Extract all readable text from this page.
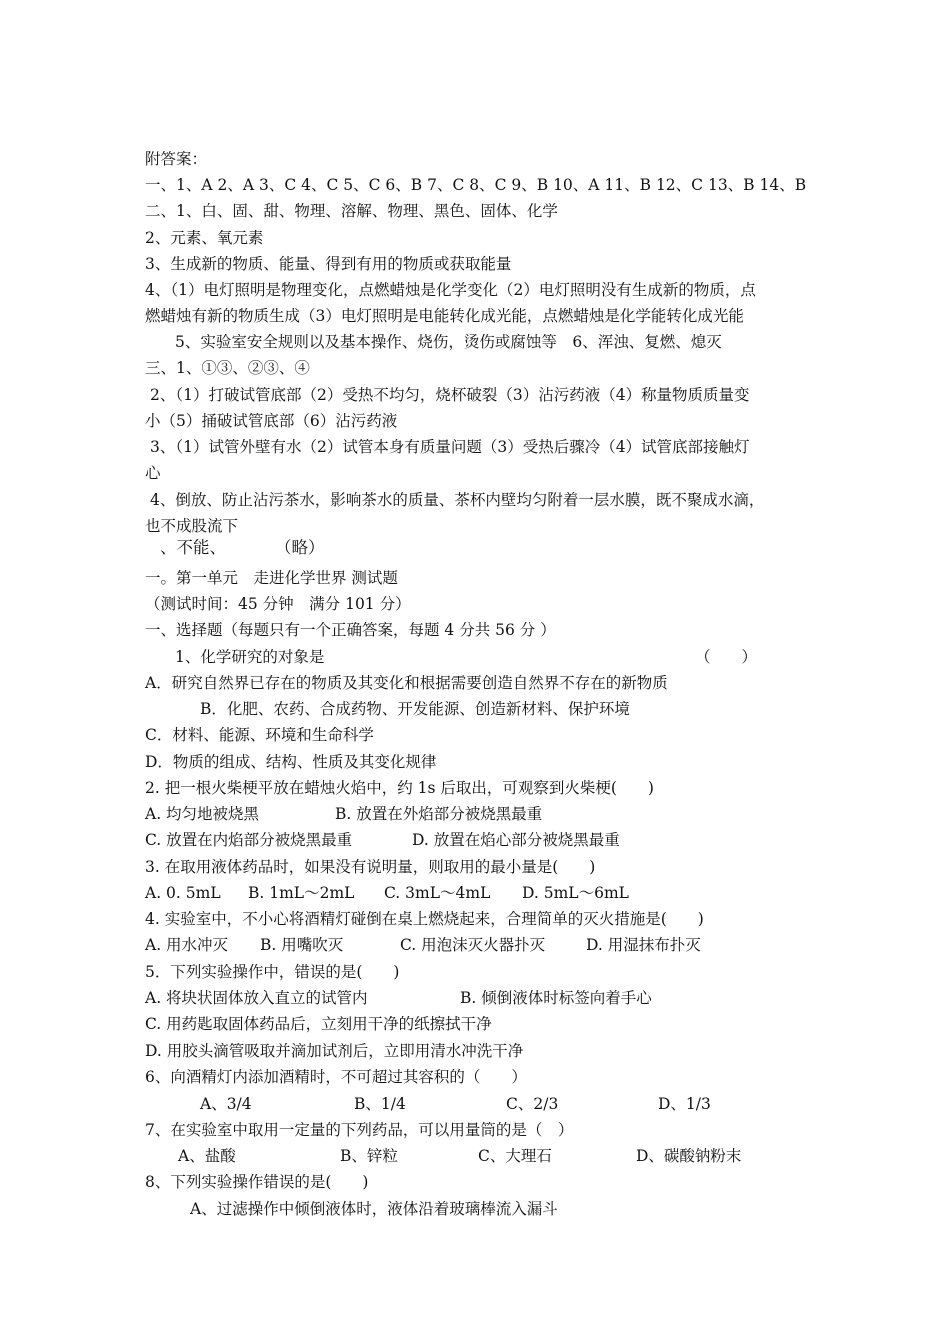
附答案：
一、1、A 2、A 3、C 4、C 5、C 6、B 7、C 8、C 9、B 10、A 11、B 12、C 13、B 14、B
二、1、白、固、甜、物理、溶解、物理、黑色、固体、化学
2、元素、氧元素
3、生成新的物质、能量、得到有用的物质或获取能量
4、（1）电灯照明是物理变化，点燃蜡烛是化学变化（2）电灯照明没有生成新的物质，点
燃蜡烛有新的物质生成（3）电灯照明是电能转化成光能，点燃蜡烛是化学能转化成光能
5、实验室安全规则以及基本操作、烧伤，烫伤或腐蚀等　6、浑浊、复燃、熄灭
三、1、①③、②③、④
2、（1）打破试管底部（2）受热不均匀，烧杯破裂（3）沾污药液（4）称量物质质量变
小（5）捅破试管底部（6）沾污药液
3、（1）试管外壁有水（2）试管本身有质量问题（3）受热后骤冷（4）试管底部接触灯
心
4、倒放、防止沾污茶水，影响茶水的质量、茶杯内壁均匀附着一层水膜，既不聚成水滴，
也不成股流下
、不能、	（略）
一。第一单元　走进化学世界 测试题
（测试时间：45 分钟　满分 101 分）
一、选择题（每题只有一个正确答案，每题 4 分共 56 分 ）
1、化学研究的对象是	（　　）
A．研究自然界已存在的物质及其变化和根据需要创造自然界不存在的新物质
B．化肥、农药、合成药物、开发能源、创造新材料、保护环境
C．材料、能源、环境和生命科学
D．物质的组成、结构、性质及其变化规律
2. 把一根火柴梗平放在蜡烛火焰中，约 1s 后取出，可观察到火柴梗(　　)
A. 均匀地被烧黑	B. 放置在外焰部分被烧黑最重
C. 放置在内焰部分被烧黑最重	D. 放置在焰心部分被烧黑最重
3. 在取用液体药品时，如果没有说明量，则取用的最小量是(　　)
A. 0. 5mL B. 1mL～2mL C. 3mL～4mL D. 5mL～6mL
4. 实验室中，不小心将酒精灯碰倒在桌上燃烧起来，合理简单的灭火措施是(　　)
A. 用水冲灭 B. 用嘴吹灭	C. 用泡沫灭火器扑灭	D. 用湿抹布扑灭
5．下列实验操作中，错误的是(　　)
A. 将块状固体放入直立的试管内	B. 倾倒液体时标签向着手心
C. 用药匙取固体药品后，立刻用干净的纸擦拭干净
D. 用胶头滴管吸取并滴加试剂后，立即用清水冲洗干净
6、向酒精灯内添加酒精时，不可超过其容积的（　　）
A、3/4	B、1/4	C、2/3	D、1/3
7、在实验室中取用一定量的下列药品，可以用量筒的是（　）
A、盐酸	B、锌粒	C、大理石	D、碳酸钠粉末
8、下列实验操作错误的是(　　)
A、过滤操作中倾倒液体时，液体沿着玻璃棒流入漏斗
